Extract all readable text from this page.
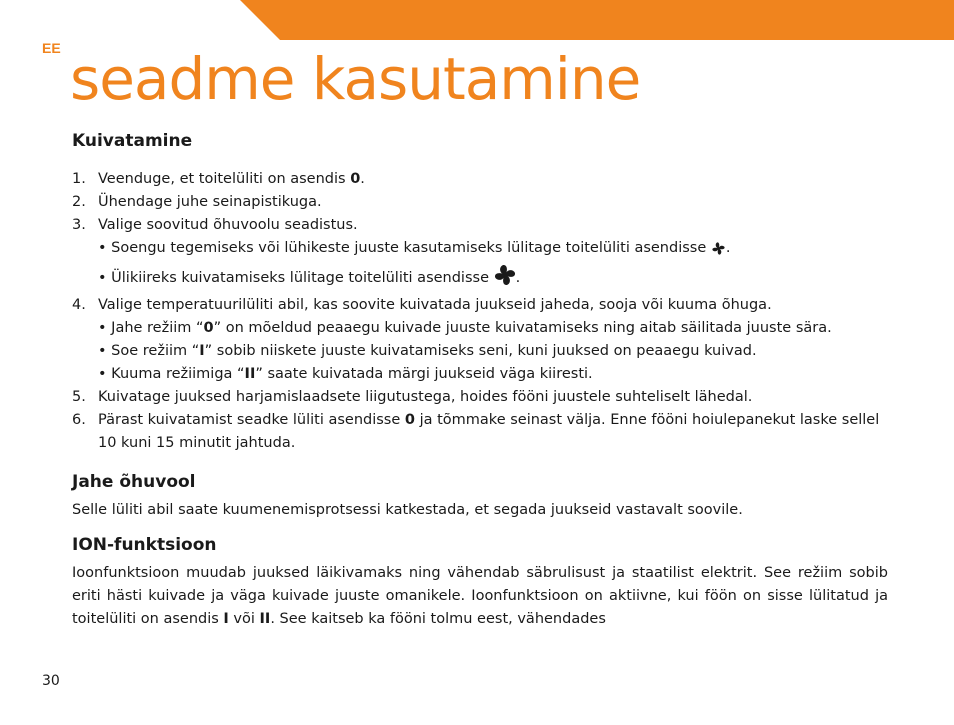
EE seadme kasutamine
Kuivatamine
1. Veenduge, et toitelüliti on asendis 0.
2. Ühendage juhe seinapistikuga.
3. Valige soovitud õhuvoolu seadistus.
• Soengu tegemiseks või lühikeste juuste kasutamiseks lülitage toitelüliti asendisse .
• Ülikiireks kuivatamiseks lülitage toitelüliti asendisse .
4. Valige temperatuurilüliti abil, kas soovite kuivatada juukseid jaheda, sooja või kuuma õhuga.
• Jahe režiim “0” on mõeldud peaaegu kuivade juuste kuivatamiseks ning aitab säilitada juuste sära.
• Soe režiim “I” sobib niiskete juuste kuivatamiseks seni, kuni juuksed on peaaegu kuivad.
• Kuuma režiimiga “II” saate kuivatada märgi juukseid väga kiiresti.
5. Kuivatage juuksed harjamislaadsete liigutustega, hoides fööni juustele suhteliselt lähedal.
6. Pärast kuivatamist seadke lüliti asendisse 0 ja tõmmake seinast välja. Enne fööni hoiulepanekut laske sellel 10 kuni 15 minutit jahtuda.
Jahe õhuvool

Selle lüliti abil saate kuumenemisprotsessi katkestada, et segada juukseid vastavalt soovile.

ION-funktsioon

Ioonfunktsioon muudab juuksed läikivamaks ning vähendab säbrulisust ja staatilist elektrit. See režiim sobib eriti hästi kuivade ja väga kuivade juuste omanikele. Ioonfunktsioon on aktiivne, kui föön on sisse lülitatud ja toitelüliti on asendis I või II. See kaitseb ka fööni tolmu eest, vähendades

30
